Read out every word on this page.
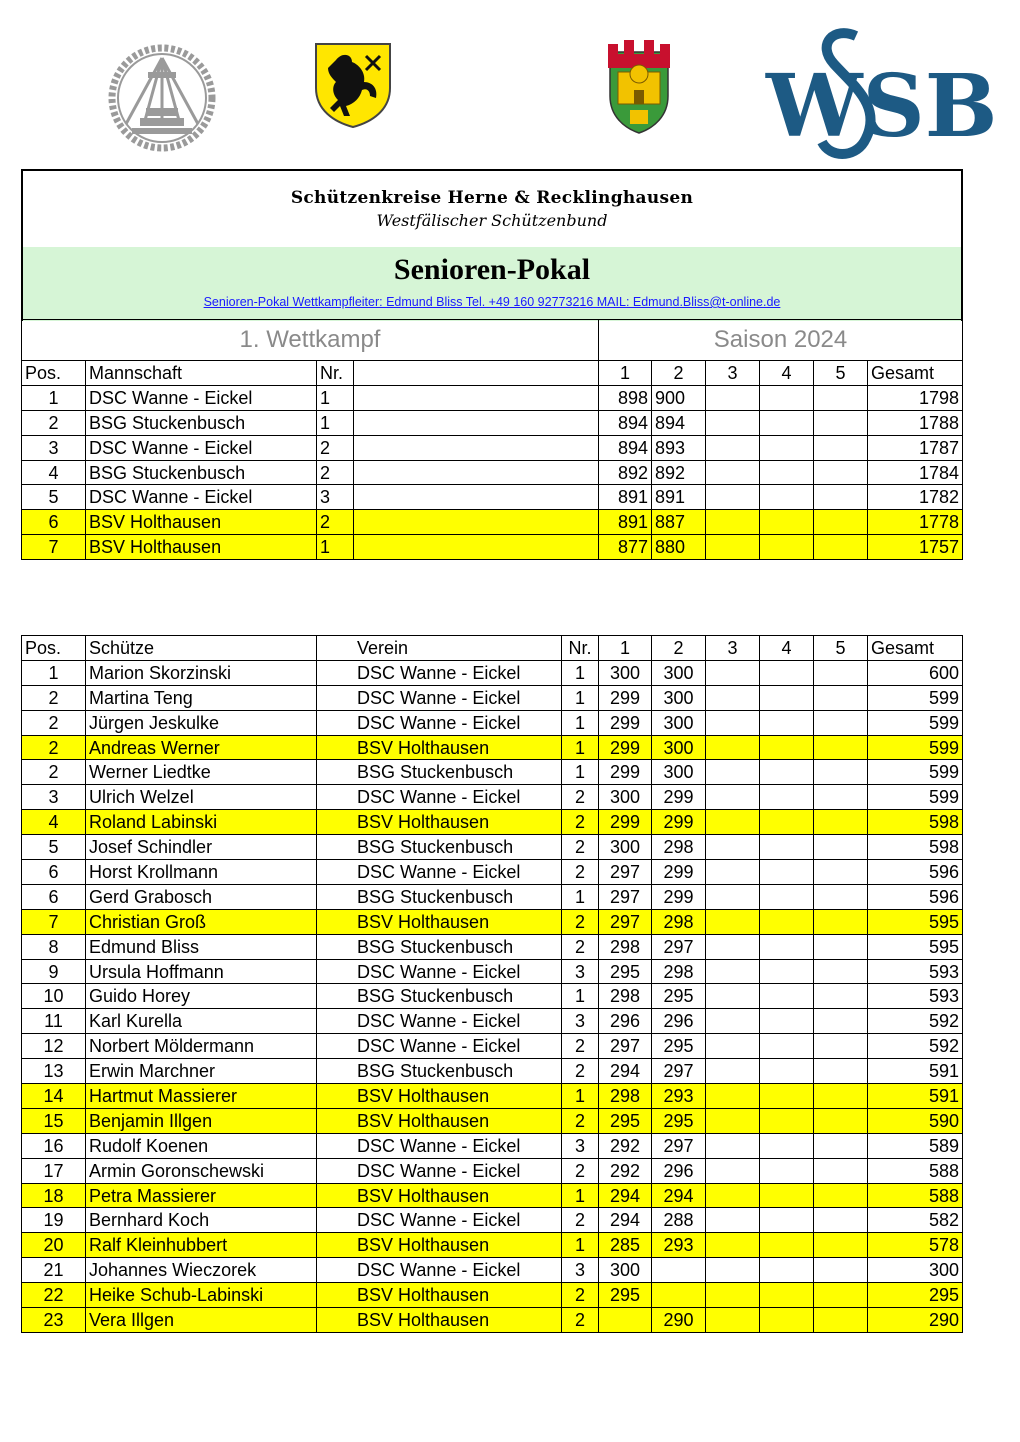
WSB
Schützenkreise Herne & Recklinghausen
Westfälischer Schützenbund
Senioren-Pokal
Senioren-Pokal Wettkampfleiter: Edmund Bliss Tel. +49 160 92773216 MAIL: Edmund.Bliss@t-online.de
1. Wettkampf				Saison 2024					
Pos.	Mannschaft	Nr.		1	2	3	4	5	Gesamt
1	DSC Wanne - Eickel	1		898	900				1798
2	BSG Stuckenbusch	1		894	894				1788
3	DSC Wanne - Eickel	2		894	893				1787
4	BSG Stuckenbusch	2		892	892				1784
5	DSC Wanne - Eickel	3		891	891				1782
6	BSV Holthausen	2		891	887				1778
7	BSV Holthausen	1		877	880				1757
Pos.	Schütze	Verein	Nr.	1	2	3	4	5	Gesamt
1	Marion Skorzinski	DSC Wanne - Eickel	1	300	300				600
2	Martina Teng	DSC Wanne - Eickel	1	299	300				599
2	Jürgen Jeskulke	DSC Wanne - Eickel	1	299	300				599
2	Andreas Werner	BSV Holthausen	1	299	300				599
2	Werner Liedtke	BSG Stuckenbusch	1	299	300				599
3	Ulrich Welzel	DSC Wanne - Eickel	2	300	299				599
4	Roland Labinski	BSV Holthausen	2	299	299				598
5	Josef Schindler	BSG Stuckenbusch	2	300	298				598
6	Horst Krollmann	DSC Wanne - Eickel	2	297	299				596
6	Gerd Grabosch	BSG Stuckenbusch	1	297	299				596
7	Christian Groß	BSV Holthausen	2	297	298				595
8	Edmund Bliss	BSG Stuckenbusch	2	298	297				595
9	Ursula Hoffmann	DSC Wanne - Eickel	3	295	298				593
10	Guido Horey	BSG Stuckenbusch	1	298	295				593
11	Karl Kurella	DSC Wanne - Eickel	3	296	296				592
12	Norbert Möldermann	DSC Wanne - Eickel	2	297	295				592
13	Erwin Marchner	BSG Stuckenbusch	2	294	297				591
14	Hartmut Massierer	BSV Holthausen	1	298	293				591
15	Benjamin Illgen	BSV Holthausen	2	295	295				590
16	Rudolf Koenen	DSC Wanne - Eickel	3	292	297				589
17	Armin Goronschewski	DSC Wanne - Eickel	2	292	296				588
18	Petra Massierer	BSV Holthausen	1	294	294				588
19	Bernhard Koch	DSC Wanne - Eickel	2	294	288				582
20	Ralf Kleinhubbert	BSV Holthausen	1	285	293				578
21	Johannes Wieczorek	DSC Wanne - Eickel	3	300					300
22	Heike Schub-Labinski	BSV Holthausen	2	295					295
23	Vera Illgen	BSV Holthausen	2		290				290
